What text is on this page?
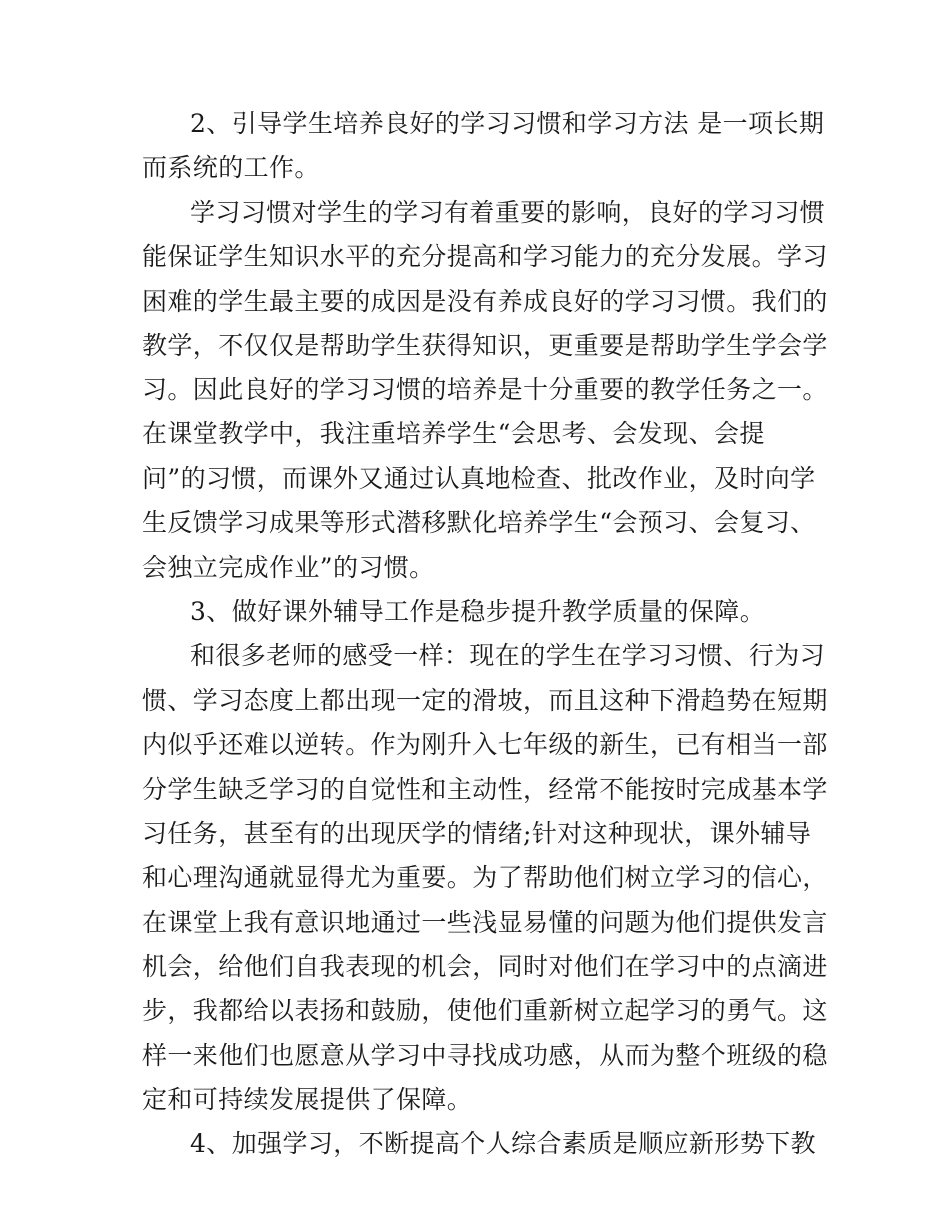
2、引导学生培养良好的学习习惯和学习方法 是一项长期
而系统的工作。
学习习惯对学生的学习有着重要的影响，良好的学习习惯
能保证学生知识水平的充分提高和学习能力的充分发展。学习
困难的学生最主要的成因是没有养成良好的学习习惯。我们的
教学，不仅仅是帮助学生获得知识，更重要是帮助学生学会学
习。因此良好的学习习惯的培养是十分重要的教学任务之一。
在课堂教学中，我注重培养学生“会思考、会发现、会提
问”的习惯，而课外又通过认真地检查、批改作业，及时向学
生反馈学习成果等形式潜移默化培养学生“会预习、会复习、
会独立完成作业”的习惯。
3、做好课外辅导工作是稳步提升教学质量的保障。
和很多老师的感受一样：现在的学生在学习习惯、行为习
惯、学习态度上都出现一定的滑坡，而且这种下滑趋势在短期
内似乎还难以逆转。作为刚升入七年级的新生，已有相当一部
分学生缺乏学习的自觉性和主动性，经常不能按时完成基本学
习任务，甚至有的出现厌学的情绪;针对这种现状，课外辅导
和心理沟通就显得尤为重要。为了帮助他们树立学习的信心，
在课堂上我有意识地通过一些浅显易懂的问题为他们提供发言
机会，给他们自我表现的机会，同时对他们在学习中的点滴进
步，我都给以表扬和鼓励，使他们重新树立起学习的勇气。这
样一来他们也愿意从学习中寻找成功感，从而为整个班级的稳
定和可持续发展提供了保障。
4、加强学习，不断提高个人综合素质是顺应新形势下教
